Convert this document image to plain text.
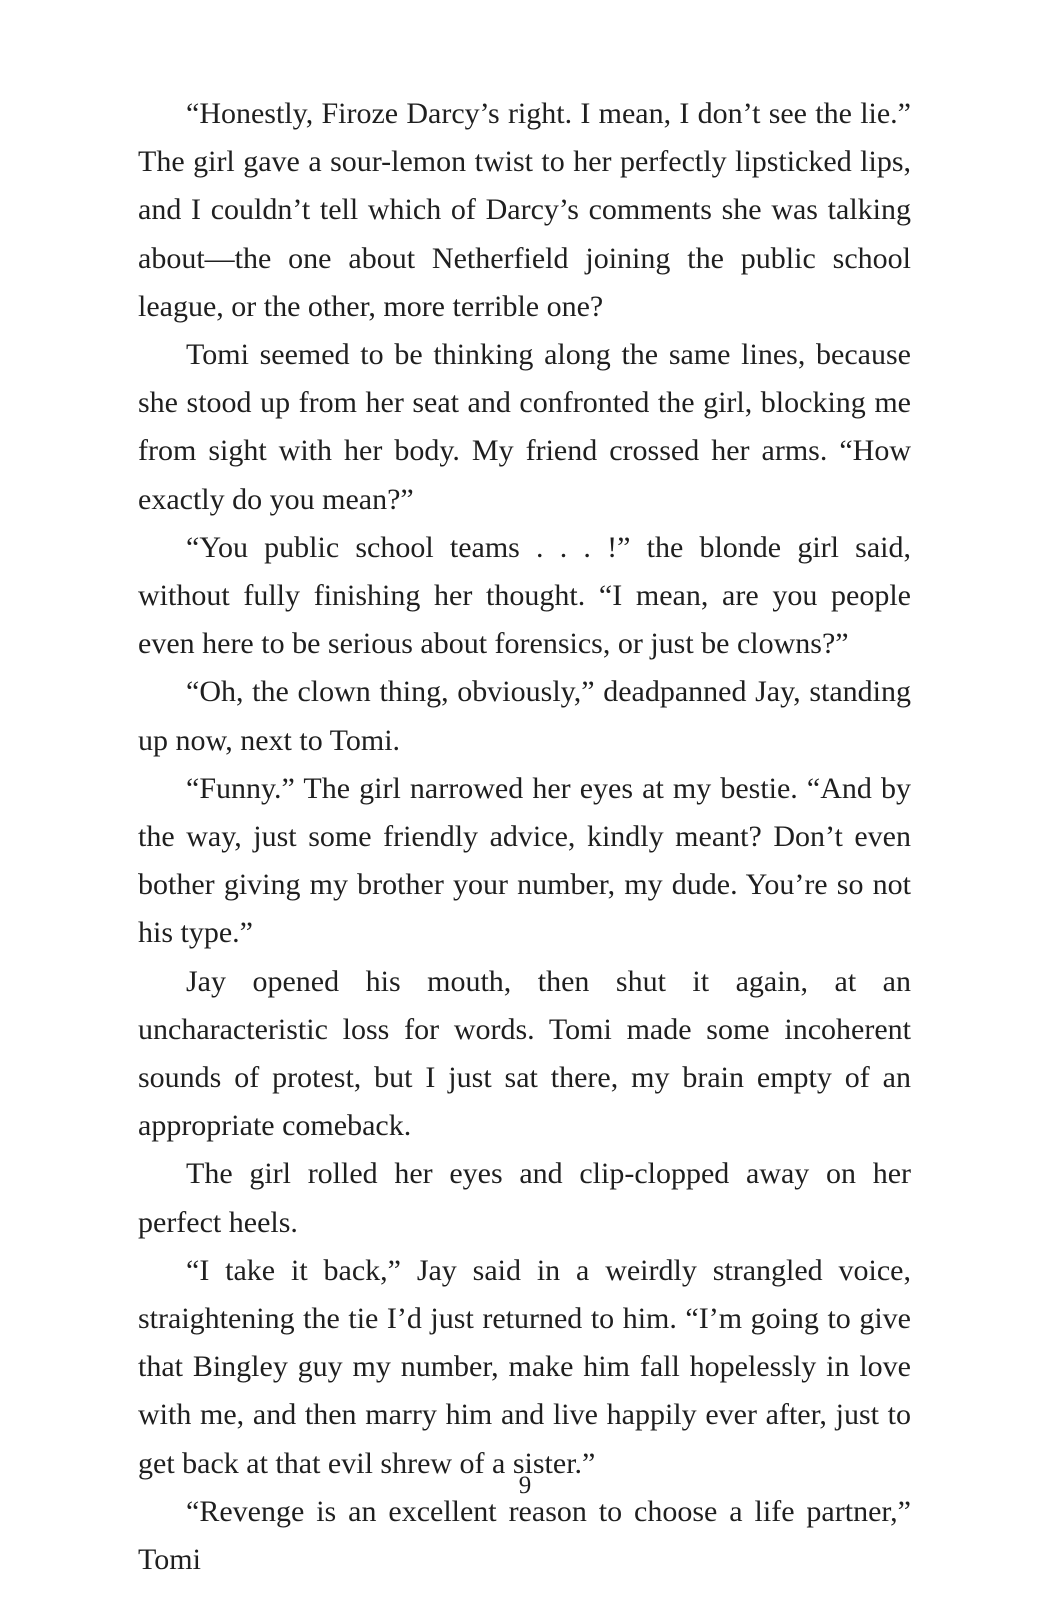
“Honestly, Firoze Darcy’s right. I mean, I don’t see the lie.” The girl gave a sour-lemon twist to her perfectly lipsticked lips, and I couldn’t tell which of Darcy’s comments she was talking about—the one about Netherfield joining the public school league, or the other, more terrible one?

Tomi seemed to be thinking along the same lines, because she stood up from her seat and confronted the girl, blocking me from sight with her body. My friend crossed her arms. “How exactly do you mean?”

“You public school teams . . . !” the blonde girl said, without fully finishing her thought. “I mean, are you people even here to be serious about forensics, or just be clowns?”

“Oh, the clown thing, obviously,” deadpanned Jay, standing up now, next to Tomi.

“Funny.” The girl narrowed her eyes at my bestie. “And by the way, just some friendly advice, kindly meant? Don’t even bother giving my brother your number, my dude. You’re so not his type.”

Jay opened his mouth, then shut it again, at an uncharacteristic loss for words. Tomi made some incoherent sounds of protest, but I just sat there, my brain empty of an appropriate comeback.

The girl rolled her eyes and clip-clopped away on her perfect heels.

“I take it back,” Jay said in a weirdly strangled voice, straightening the tie I’d just returned to him. “I’m going to give that Bingley guy my number, make him fall hopelessly in love with me, and then marry him and live happily ever after, just to get back at that evil shrew of a sister.”

“Revenge is an excellent reason to choose a life partner,” Tomi

9
